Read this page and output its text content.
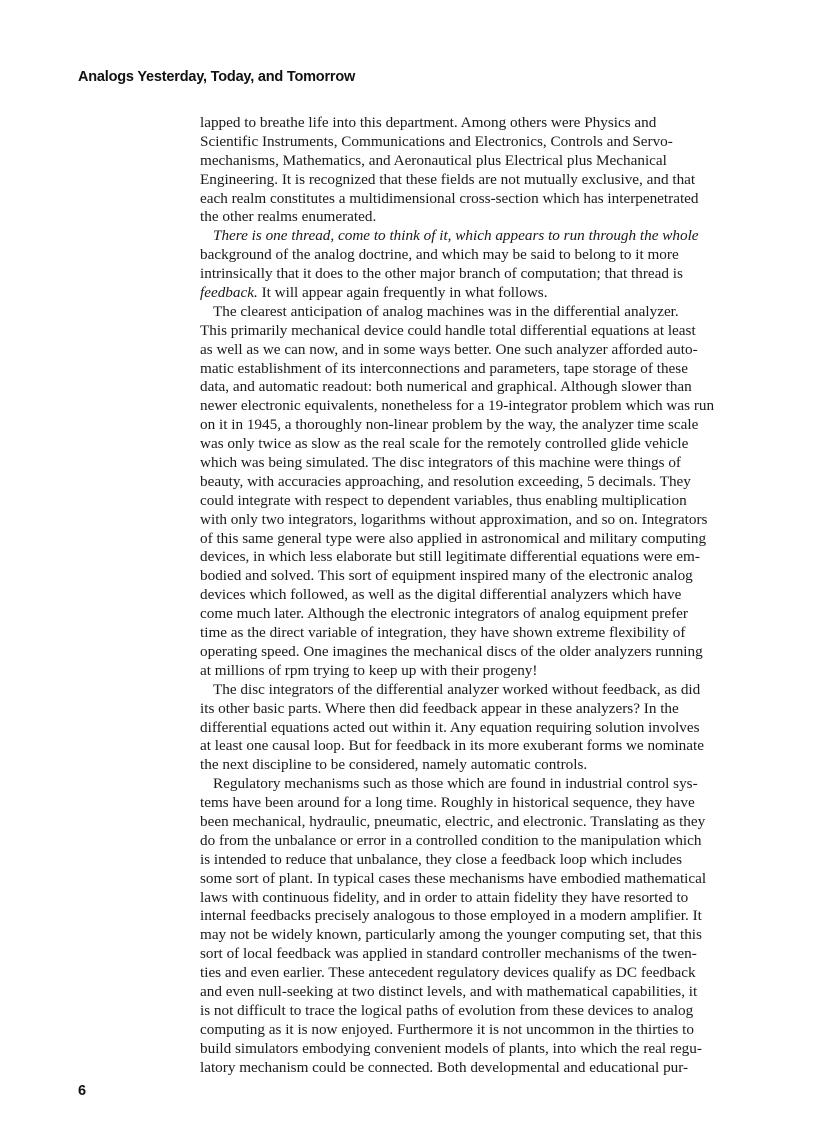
Analogs Yesterday, Today, and Tomorrow
lapped to breathe life into this department. Among others were Physics and
Scientific Instruments, Communications and Electronics, Controls and Servo-
mechanisms, Mathematics, and Aeronautical plus Electrical plus Mechanical
Engineering. It is recognized that these fields are not mutually exclusive, and that
each realm constitutes a multidimensional cross-section which has interpenetrated
the other realms enumerated.
There is one thread, come to think of it, which appears to run through the whole
background of the analog doctrine, and which may be said to belong to it more
intrinsically that it does to the other major branch of computation; that thread is
feedback. It will appear again frequently in what follows.
The clearest anticipation of analog machines was in the differential analyzer.
This primarily mechanical device could handle total differential equations at least
as well as we can now, and in some ways better. One such analyzer afforded auto-
matic establishment of its interconnections and parameters, tape storage of these
data, and automatic readout: both numerical and graphical. Although slower than
newer electronic equivalents, nonetheless for a 19-integrator problem which was run
on it in 1945, a thoroughly non-linear problem by the way, the analyzer time scale
was only twice as slow as the real scale for the remotely controlled glide vehicle
which was being simulated. The disc integrators of this machine were things of
beauty, with accuracies approaching, and resolution exceeding, 5 decimals. They
could integrate with respect to dependent variables, thus enabling multiplication
with only two integrators, logarithms without approximation, and so on. Integrators
of this same general type were also applied in astronomical and military computing
devices, in which less elaborate but still legitimate differential equations were em-
bodied and solved. This sort of equipment inspired many of the electronic analog
devices which followed, as well as the digital differential analyzers which have
come much later. Although the electronic integrators of analog equipment prefer
time as the direct variable of integration, they have shown extreme flexibility of
operating speed. One imagines the mechanical discs of the older analyzers running
at millions of rpm trying to keep up with their progeny!
The disc integrators of the differential analyzer worked without feedback, as did
its other basic parts. Where then did feedback appear in these analyzers? In the
differential equations acted out within it. Any equation requiring solution involves
at least one causal loop. But for feedback in its more exuberant forms we nominate
the next discipline to be considered, namely automatic controls.
Regulatory mechanisms such as those which are found in industrial control sys-
tems have been around for a long time. Roughly in historical sequence, they have
been mechanical, hydraulic, pneumatic, electric, and electronic. Translating as they
do from the unbalance or error in a controlled condition to the manipulation which
is intended to reduce that unbalance, they close a feedback loop which includes
some sort of plant. In typical cases these mechanisms have embodied mathematical
laws with continuous fidelity, and in order to attain fidelity they have resorted to
internal feedbacks precisely analogous to those employed in a modern amplifier. It
may not be widely known, particularly among the younger computing set, that this
sort of local feedback was applied in standard controller mechanisms of the twen-
ties and even earlier. These antecedent regulatory devices qualify as DC feedback
and even null-seeking at two distinct levels, and with mathematical capabilities, it
is not difficult to trace the logical paths of evolution from these devices to analog
computing as it is now enjoyed. Furthermore it is not uncommon in the thirties to
build simulators embodying convenient models of plants, into which the real regu-
latory mechanism could be connected. Both developmental and educational pur-
6
